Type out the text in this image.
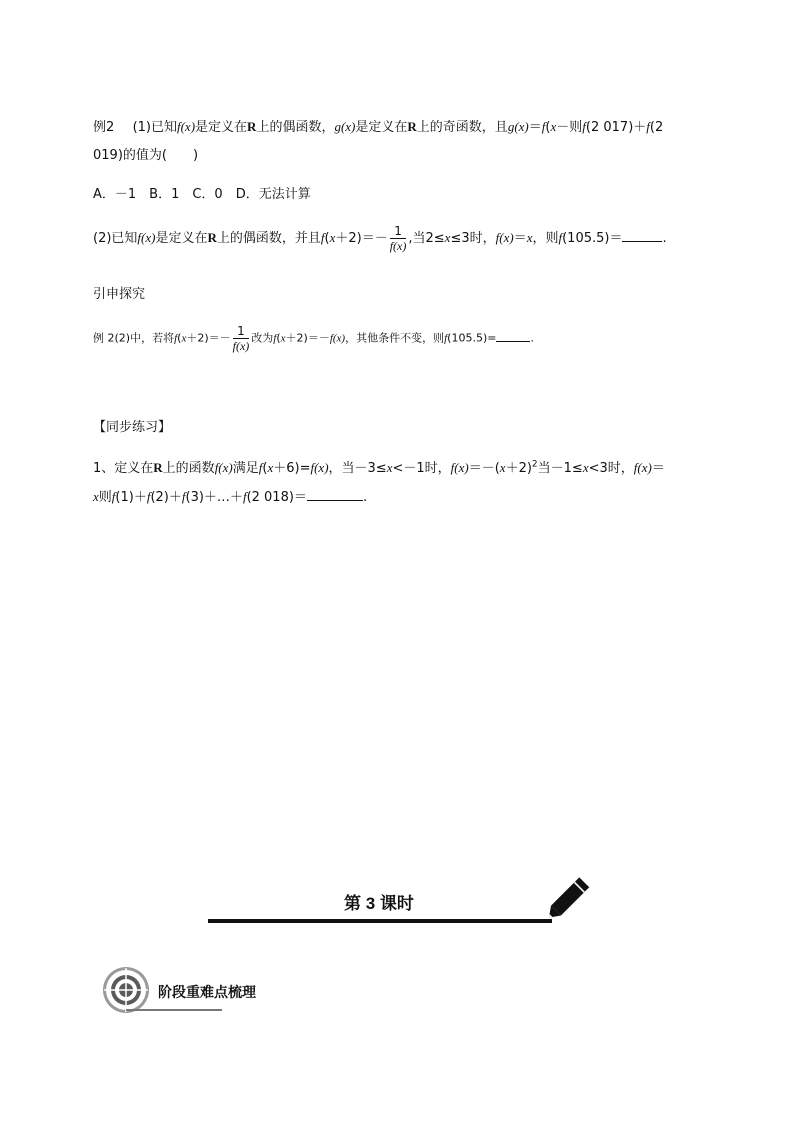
例2 (1)已知f(x)是定义在R上的偶函数，g(x)是定义在R上的奇函数，且g(x)＝f(x－则f(2 017)＋f(2
019)的值为(　　)
A．－1　B．1　C．0　D．无法计算
(2)已知f(x)是定义在R上的偶函数，并且$f(x+2)=- \frac{1}{f(x)}$ ,当2≤x≤3时，f(x)＝x，则f(105.5)＝	.
引申探究
例 2(2)中，若将$f(x+2)=- \frac{1}{f(x)}$ 改为f(x＋2)＝－f(x)，其他条件不变，则f(105.5)=	.
【同步练习】
1、定义在R上的函数f(x)满足f(x＋6)=f(x)，当－3≤x<－1时，$f(x)=-(x+2)^2$当－1≤x<3时，f(x)＝
x则f(1)＋f(2)＋f(3)＋…＋f(2 018)＝	.
第 3 课时
阶段重难点梳理
